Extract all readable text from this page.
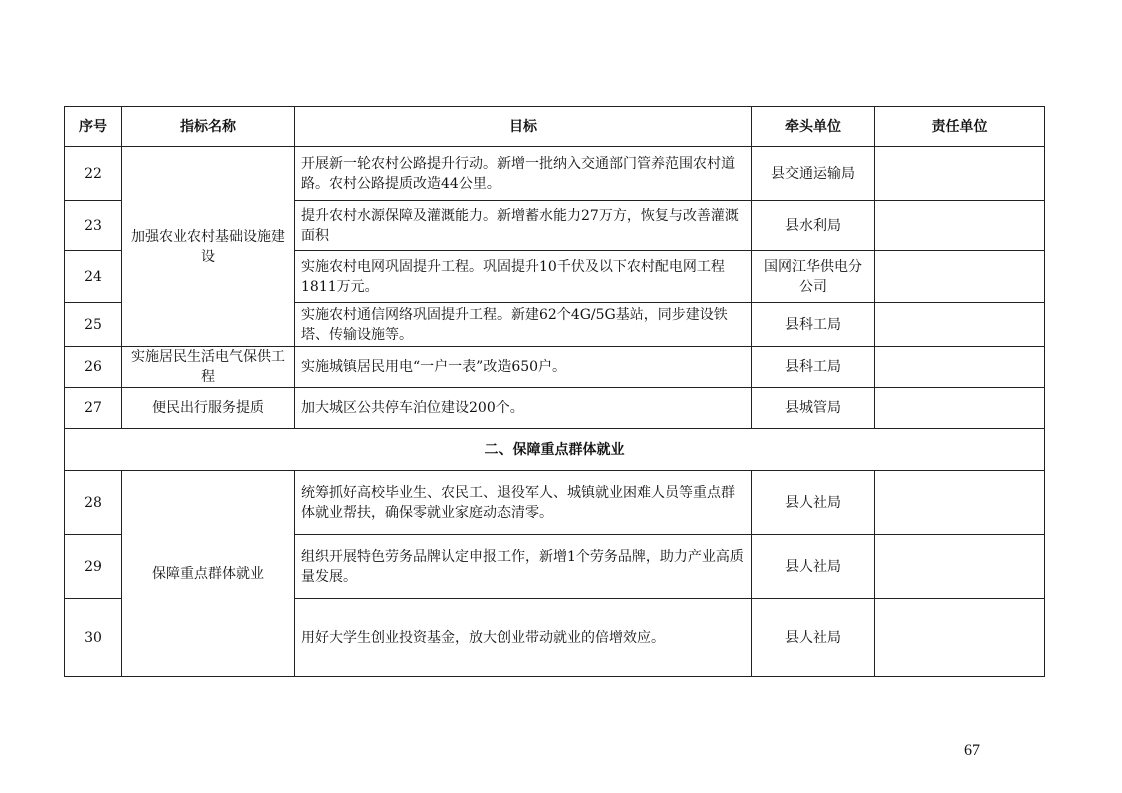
序号	指标名称	目标	牵头单位	责任单位
22	加强农业农村基础设施建设	开展新一轮农村公路提升行动。新增一批纳入交通部门管养范围农村道路。农村公路提质改造44公里。	县交通运输局	
23		提升农村水源保障及灌溉能力。新增蓄水能力27万方，恢复与改善灌溉面积	县水利局	
24		实施农村电网巩固提升工程。巩固提升10千伏及以下农村配电网工程1811万元。	国网江华供电分公司	
25		实施农村通信网络巩固提升工程。新建62个4G/5G基站，同步建设铁塔、传输设施等。	县科工局	
26	实施居民生活电气保供工程	实施城镇居民用电“一户一表”改造650户。	县科工局	
27	便民出行服务提质	加大城区公共停车泊位建设200个。	县城管局	
二、保障重点群体就业				
28	保障重点群体就业	统筹抓好高校毕业生、农民工、退役军人、城镇就业困难人员等重点群体就业帮扶，确保零就业家庭动态清零。	县人社局	
29		组织开展特色劳务品牌认定申报工作，新增1个劳务品牌，助力产业高质量发展。	县人社局	
30		用好大学生创业投资基金，放大创业带动就业的倍增效应。	县人社局	
67
